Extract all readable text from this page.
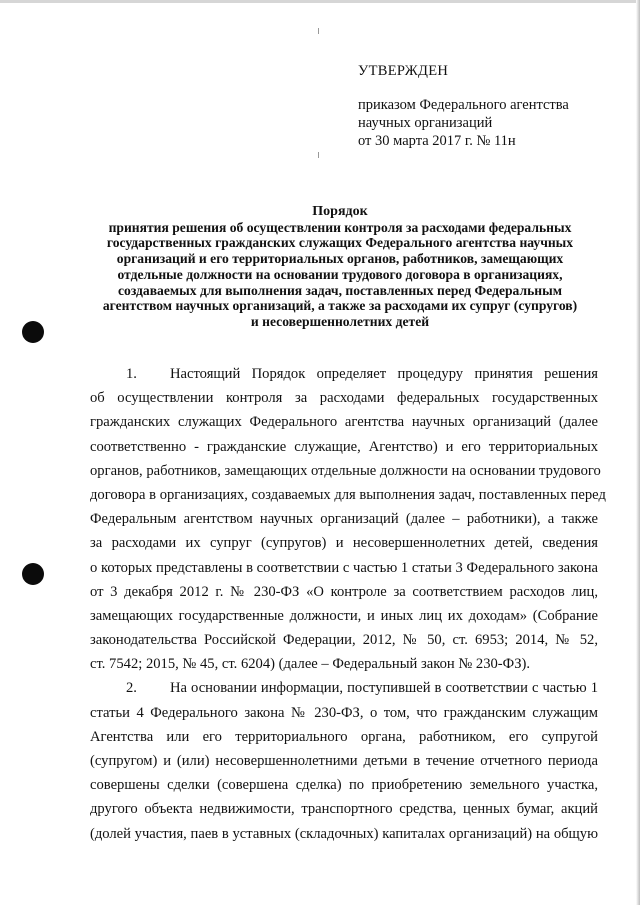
УТВЕРЖДЕН
приказом Федерального агентства
научных организаций
от 30 марта 2017 г. № 11н
Порядок
принятия решения об осуществлении контроля за расходами федеральных
государственных гражданских служащих Федерального агентства научных
организаций и его территориальных органов, работников, замещающих
отдельные должности на основании трудового договора в организациях,
создаваемых для выполнения задач, поставленных перед Федеральным
агентством научных организаций, а также за расходами их супруг (супругов)
и несовершеннолетних детей
1. Настоящий Порядок определяет процедуру принятия решения
об осуществлении контроля за расходами федеральных государственных
гражданских служащих Федерального агентства научных организаций (далее
соответственно - гражданские служащие, Агентство) и его территориальных
органов, работников, замещающих отдельные должности на основании трудового
договора в организациях, создаваемых для выполнения задач, поставленных перед
Федеральным агентством научных организаций (далее – работники), а также
за расходами их супруг (супругов) и несовершеннолетних детей, сведения
о которых представлены в соответствии с частью 1 статьи 3 Федерального закона
от 3 декабря 2012 г. № 230-ФЗ «О контроле за соответствием расходов лиц,
замещающих государственные должности, и иных лиц их доходам» (Собрание
законодательства Российской Федерации, 2012, № 50, ст. 6953; 2014, № 52,
ст. 7542; 2015, № 45, ст. 6204) (далее – Федеральный закон № 230-ФЗ).
2. На основании информации, поступившей в соответствии с частью 1
статьи 4 Федерального закона № 230-ФЗ, о том, что гражданским служащим
Агентства или его территориального органа, работником, его супругой
(супругом) и (или) несовершеннолетними детьми в течение отчетного периода
совершены сделки (совершена сделка) по приобретению земельного участка,
другого объекта недвижимости, транспортного средства, ценных бумаг, акций
(долей участия, паев в уставных (складочных) капиталах организаций) на общую
